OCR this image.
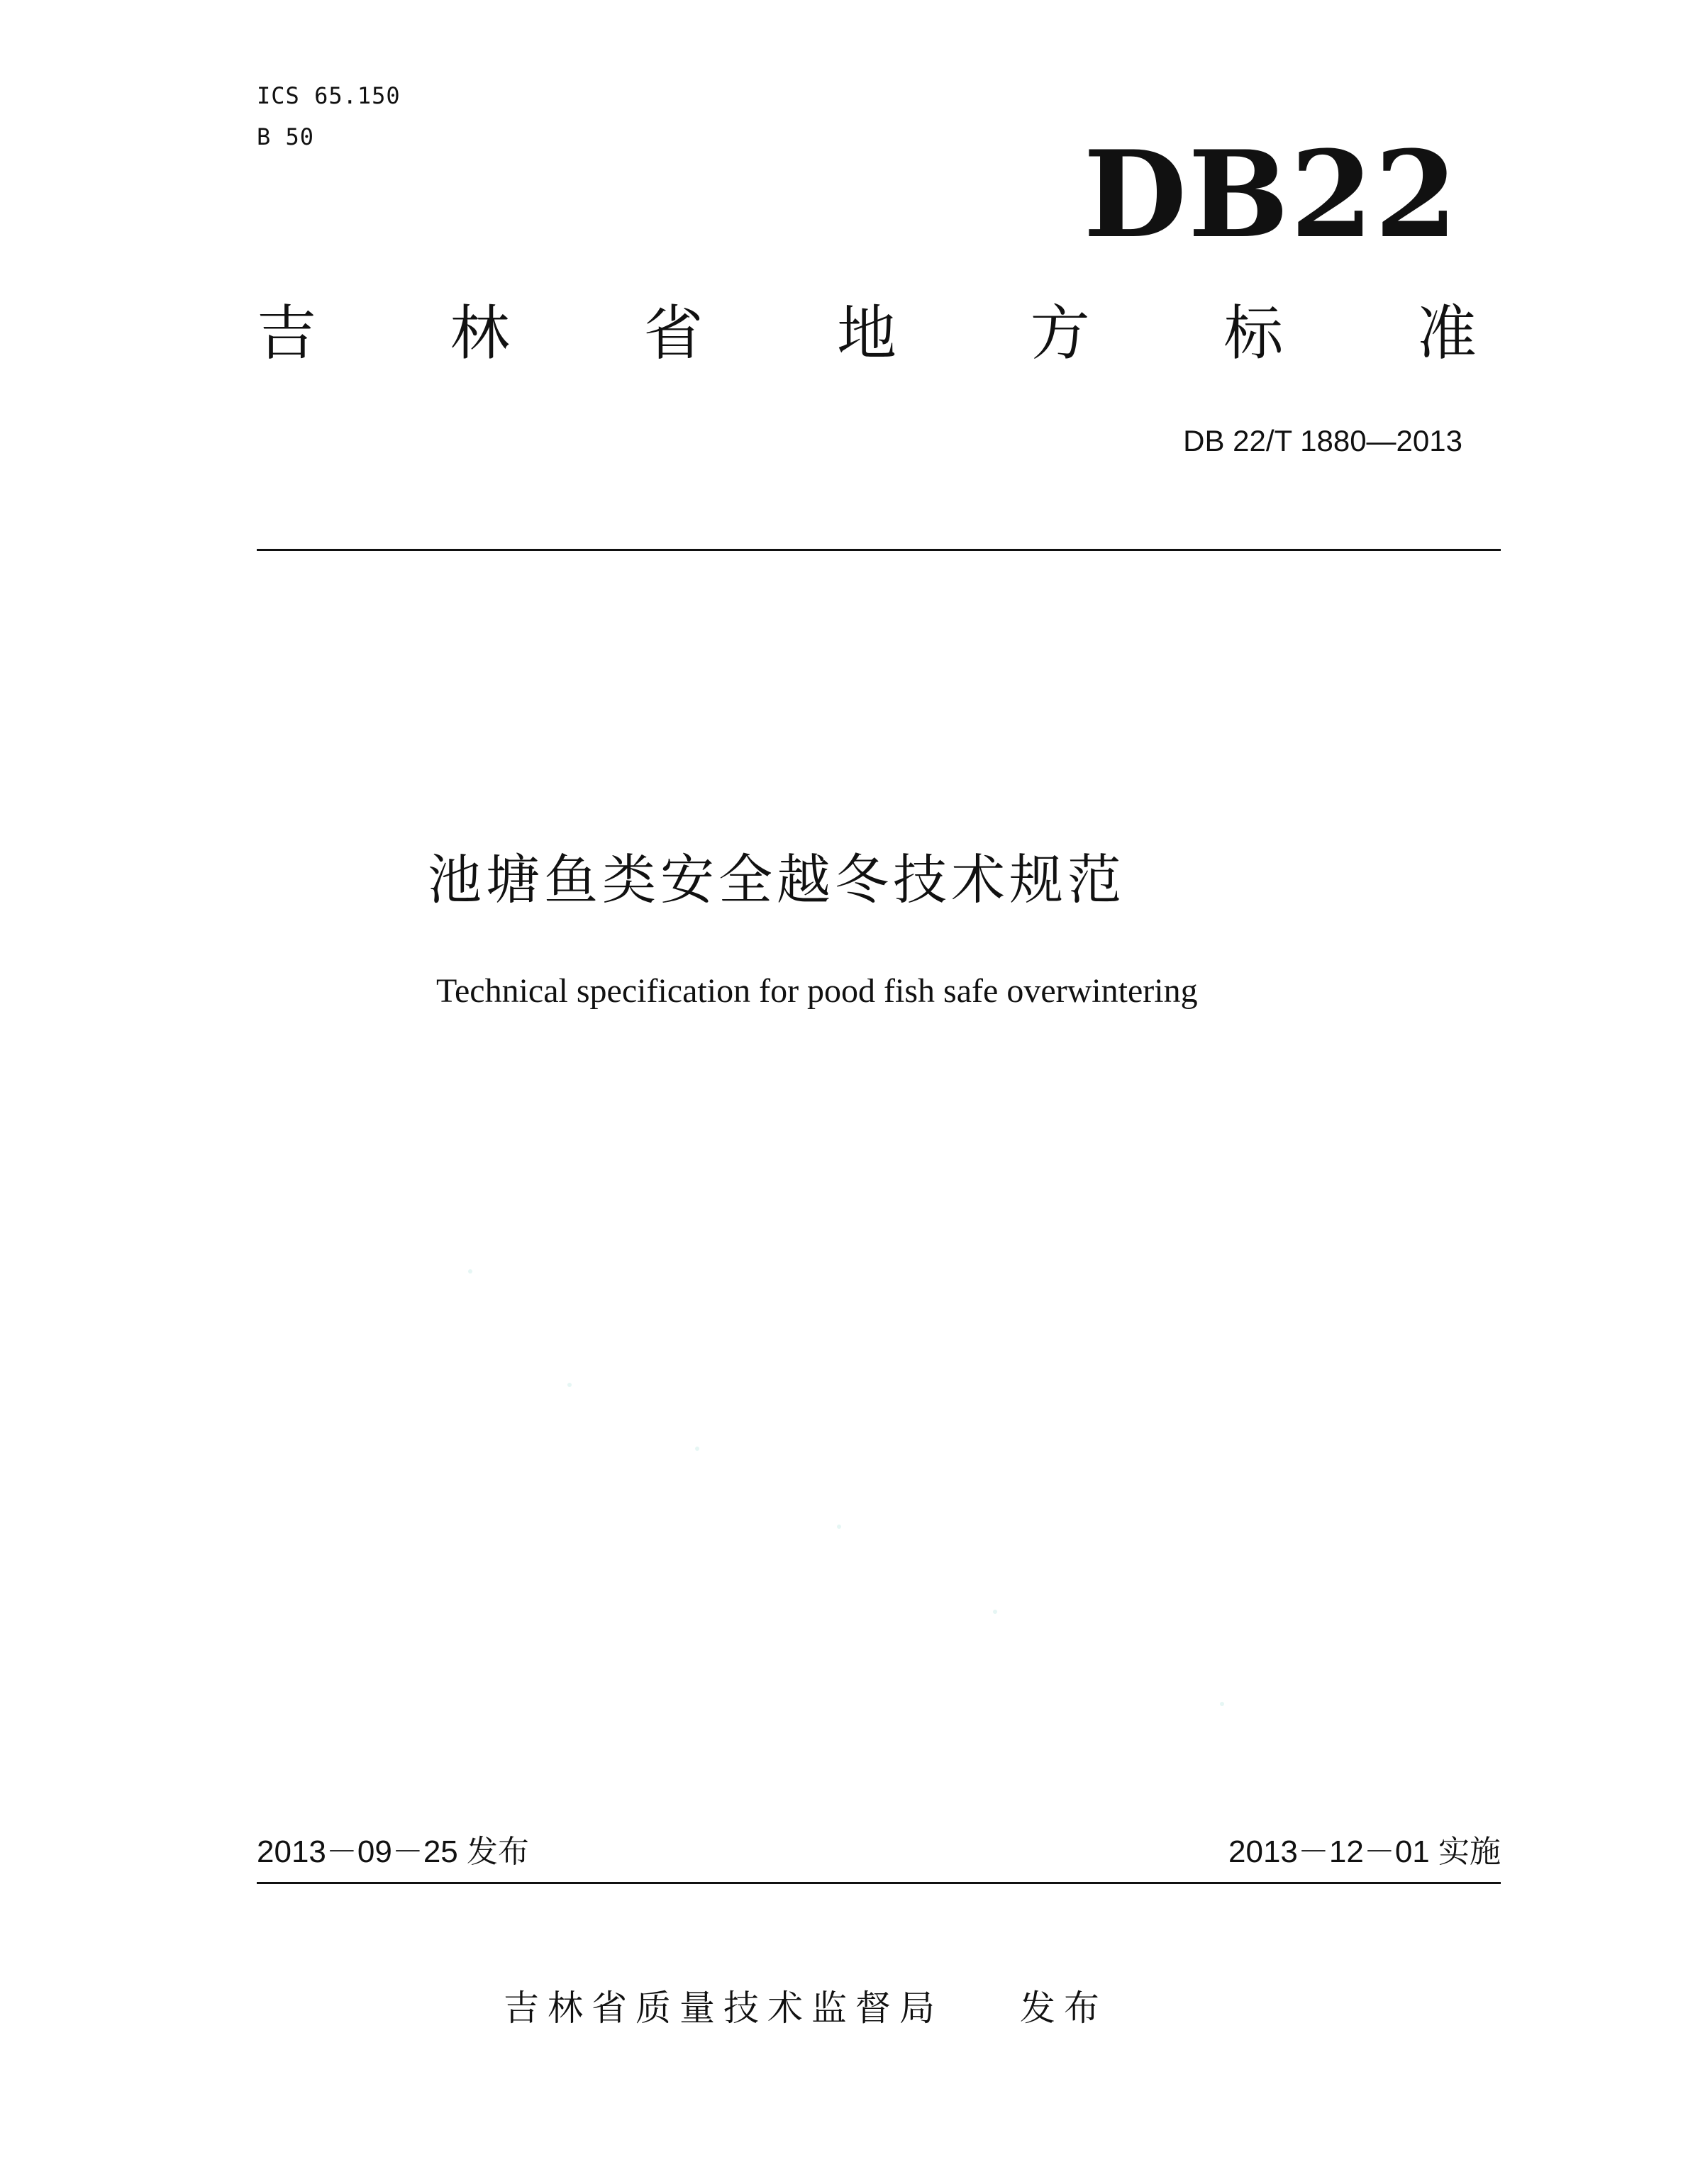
ICS 65.150
B 50	DB22
吉 林 省 地 方 标 准
DB 22/T 1880—2013
池塘鱼类安全越冬技术规范
Technical specification for pood fish safe overwintering
2013－09－25 发布	2013－12－01 实施
吉林省质量技术监督局 发布
